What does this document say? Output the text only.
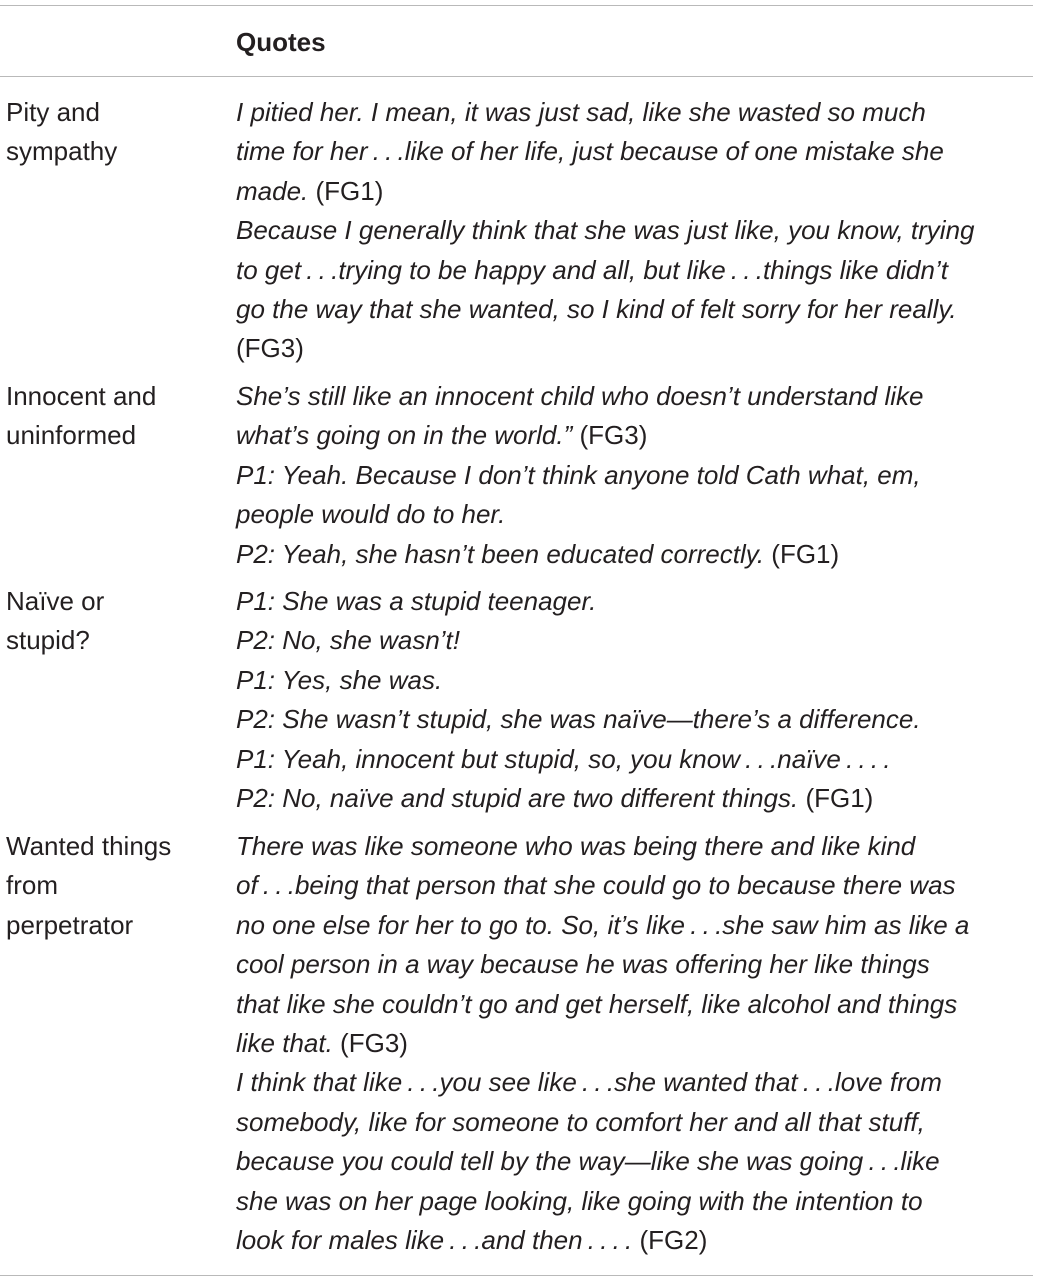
Quotes
Pity and
sympathy
I pitied her. I mean, it was just sad, like she wasted so much
time for her . . .like of her life, just because of one mistake she
made. (FG1)
Because I generally think that she was just like, you know, trying
to get . . .trying to be happy and all, but like . . .things like didn’t
go the way that she wanted, so I kind of felt sorry for her really.
(FG3)
Innocent and
uninformed
She’s still like an innocent child who doesn’t understand like
what’s going on in the world.” (FG3)
P1: Yeah. Because I don’t think anyone told Cath what, em,
people would do to her.
P2: Yeah, she hasn’t been educated correctly. (FG1)
Naïve or
stupid?
P1: She was a stupid teenager.
P2: No, she wasn’t!
P1: Yes, she was.
P2: She wasn’t stupid, she was naïve—there’s a difference.
P1: Yeah, innocent but stupid, so, you know . . .naïve . . . .
P2: No, naïve and stupid are two different things. (FG1)
Wanted things
from
perpetrator
There was like someone who was being there and like kind
of . . .being that person that she could go to because there was
no one else for her to go to. So, it’s like . . .she saw him as like a
cool person in a way because he was offering her like things
that like she couldn’t go and get herself, like alcohol and things
like that. (FG3)
I think that like . . .you see like . . .she wanted that . . .love from
somebody, like for someone to comfort her and all that stuff,
because you could tell by the way—like she was going . . .like
she was on her page looking, like going with the intention to
look for males like . . .and then . . . . (FG2)
